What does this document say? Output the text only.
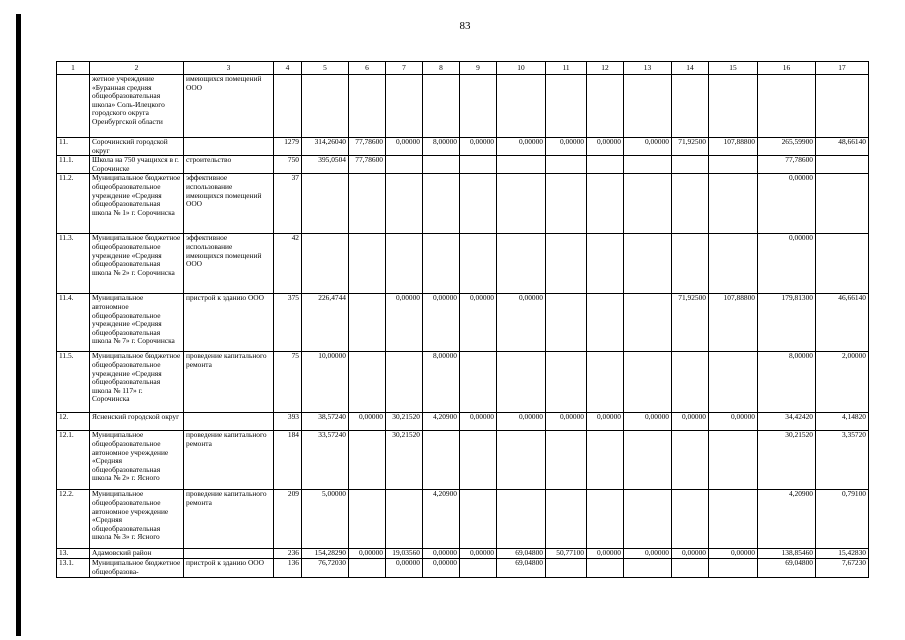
83
1	2	3	4	5	6	7	8	9	10	11	12	13	14	15	16	17
	жетное учреждение «Буранная средняя общеобразовательная школа» Соль-Илецкого городского округа Оренбургской области	имеющихся помещений ООО														
11.	Сорочинский городской округ		1279	314,26040	77,78600	0,00000	8,00000	0,00000	0,00000	0,00000	0,00000	0,00000	71,92500	107,88800	265,59900	48,66140
11.1.	Школа на 750 учащихся в г. Сорочинске	строительство	750	395,0504	77,78600										77,78600	
11.2.	Муниципальное бюджетное общеобразовательное учреждение «Средняя общеобразовательная школа № 1» г. Сорочинска	эффективное использование имеющихся помещений ООО	37												0,00000	
11.3.	Муниципальное бюджетное общеобразовательное учреждение «Средняя общеобразовательная школа № 2» г. Сорочинска	эффективное использование имеющихся помещений ООО	42												0,00000	
11.4.	Муниципальное автономное общеобразовательное учреждение «Средняя общеобразовательная школа № 7» г. Сорочинска	пристрой к зданию ООО	375	226,4744		0,00000	0,00000	0,00000	0,00000				71,92500	107,88800	179,81300	46,66140
11.5.	Муниципальное бюджетное общеобразовательное учреждение «Средняя общеобразовательная школа № 117» г. Сорочинска	проведение капитального ремонта	75	10,00000			8,00000								8,00000	2,00000
12.	Ясненский городской округ		393	38,57240	0,00000	30,21520	4,20900	0,00000	0,00000	0,00000	0,00000	0,00000	0,00000	0,00000	34,42420	4,14820
12.1.	Муниципальное общеобразовательное автономное учреждение «Средняя общеобразовательная школа № 2» г. Ясного	проведение капитального ремонта	184	33,57240		30,21520									30,21520	3,35720
12.2.	Муниципальное общеобразовательное автономное учреждение «Средняя общеобразовательная школа № 3» г. Ясного	проведение капитального ремонта	209	5,00000			4,20900								4,20900	0,79100
13.	Адамовский район		236	154,28290	0,00000	19,03560	0,00000	0,00000	69,04800	50,77100	0,00000	0,00000	0,00000	0,00000	138,85460	15,42830
13.1.	Муниципальное бюджетное общеобразова-	пристрой к зданию ООО	136	76,72030		0,00000	0,00000		69,04800						69,04800	7,67230
